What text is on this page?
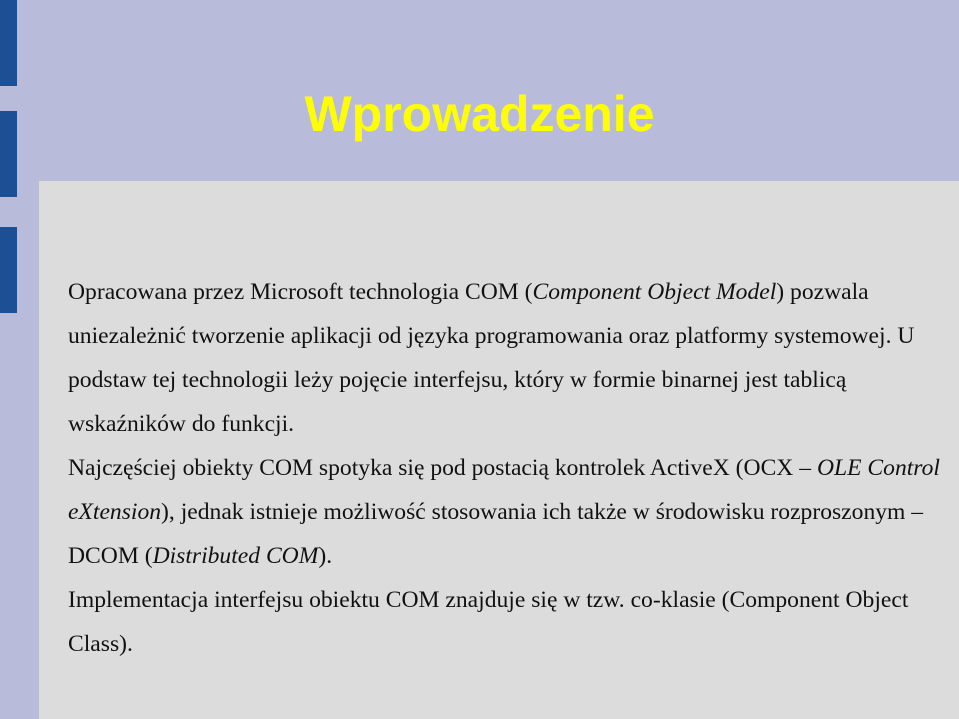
Wprowadzenie

Opracowana przez Microsoft technologia COM (Component Object Model) pozwala uniezależnić tworzenie aplikacji od języka programowania oraz platformy systemowej. U podstaw tej technologii leży pojęcie interfejsu, który w formie binarnej jest tablicą wskaźników do funkcji.

Najczęściej obiekty COM spotyka się pod postacią kontrolek ActiveX (OCX – OLE Control eXtension), jednak istnieje możliwość stosowania ich także w środowisku rozproszonym – DCOM (Distributed COM).

Implementacja interfejsu obiektu COM znajduje się w tzw. co-klasie (Component Object Class).
